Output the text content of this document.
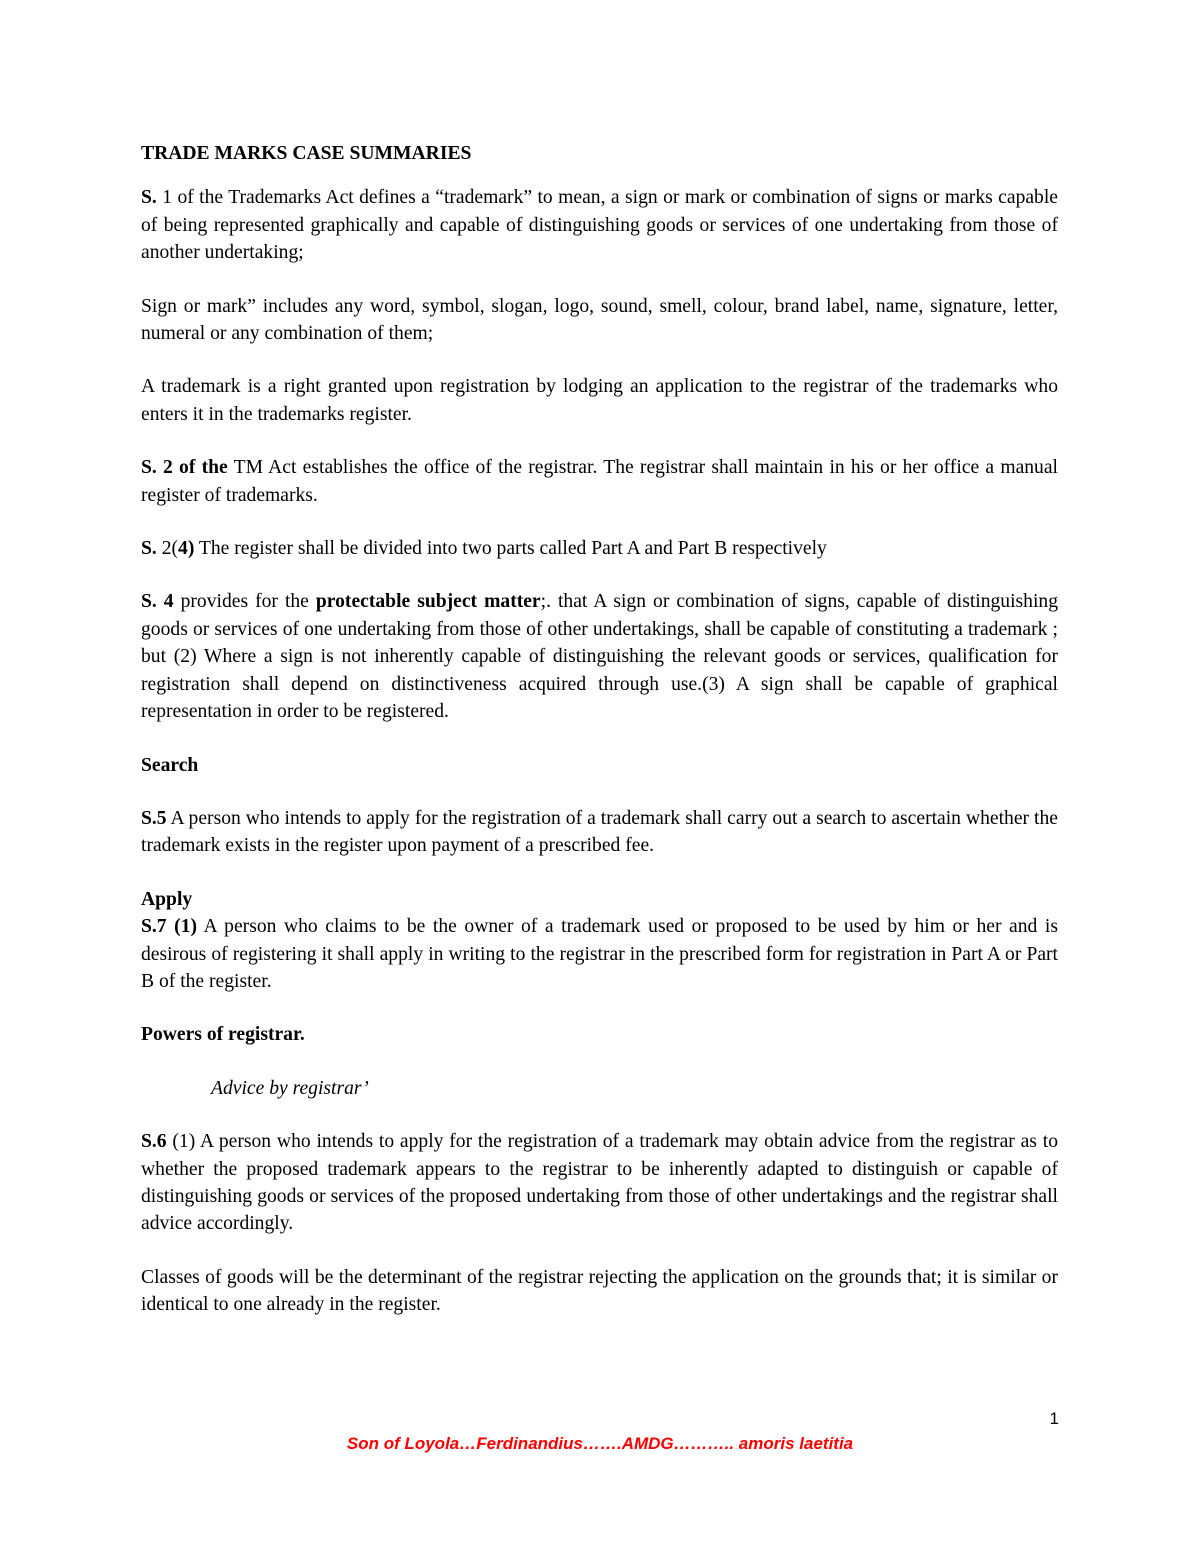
TRADE MARKS CASE SUMMARIES

S. 1 of the Trademarks Act defines a “trademark” to mean, a sign or mark or combination of signs or marks capable of being represented graphically and capable of distinguishing goods or services of one undertaking from those of another undertaking;

Sign or mark” includes any word, symbol, slogan, logo, sound, smell, colour, brand label, name, signature, letter, numeral or any combination of them;

A trademark is a right granted upon registration by lodging an application to the registrar of the trademarks who enters it in the trademarks register.

S. 2 of the TM Act establishes the office of the registrar. The registrar shall maintain in his or her office a manual register of trademarks.

S. 2(4) The register shall be divided into two parts called Part A and Part B respectively

S. 4 provides for the protectable subject matter;. that A sign or combination of signs, capable of distinguishing goods or services of one undertaking from those of other undertakings, shall be capable of constituting a trademark ; but (2) Where a sign is not inherently capable of distinguishing the relevant goods or services, qualification for registration shall depend on distinctiveness acquired through use.(3) A sign shall be capable of graphical representation in order to be registered.

Search

S.5 A person who intends to apply for the registration of a trademark shall carry out a search to ascertain whether the trademark exists in the register upon payment of a prescribed fee.

Apply

S.7 (1) A person who claims to be the owner of a trademark used or proposed to be used by him or her and is desirous of registering it shall apply in writing to the registrar in the prescribed form for registration in Part A or Part B of the register.

Powers of registrar.

Advice by registrar’

S.6 (1) A person who intends to apply for the registration of a trademark may obtain advice from the registrar as to whether the proposed trademark appears to the registrar to be inherently adapted to distinguish or capable of distinguishing goods or services of the proposed undertaking from those of other undertakings and the registrar shall advice accordingly.

Classes of goods will be the determinant of the registrar rejecting the application on the grounds that; it is similar or identical to one already in the register.

1
Son of Loyola…Ferdinandius…….AMDG……….. amoris laetitia
